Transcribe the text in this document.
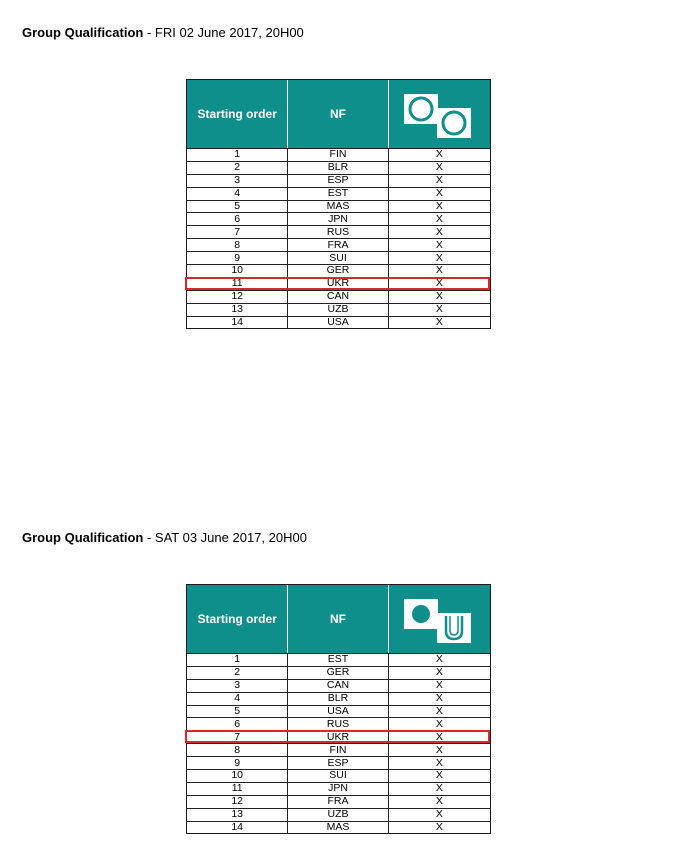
Group Qualification - FRI 02 June 2017, 20H00
Starting order	NF
1	FIN	X
2	BLR	X
3	ESP	X
4	EST	X
5	MAS	X
6	JPN	X
7	RUS	X
8	FRA	X
9	SUI	X
10	GER	X
11	UKR	X
12	CAN	X
13	UZB	X
14	USA	X
Group Qualification - SAT 03 June 2017, 20H00
Starting order	NF
1	EST	X
2	GER	X
3	CAN	X
4	BLR	X
5	USA	X
6	RUS	X
7	UKR	X
8	FIN	X
9	ESP	X
10	SUI	X
11	JPN	X
12	FRA	X
13	UZB	X
14	MAS	X
